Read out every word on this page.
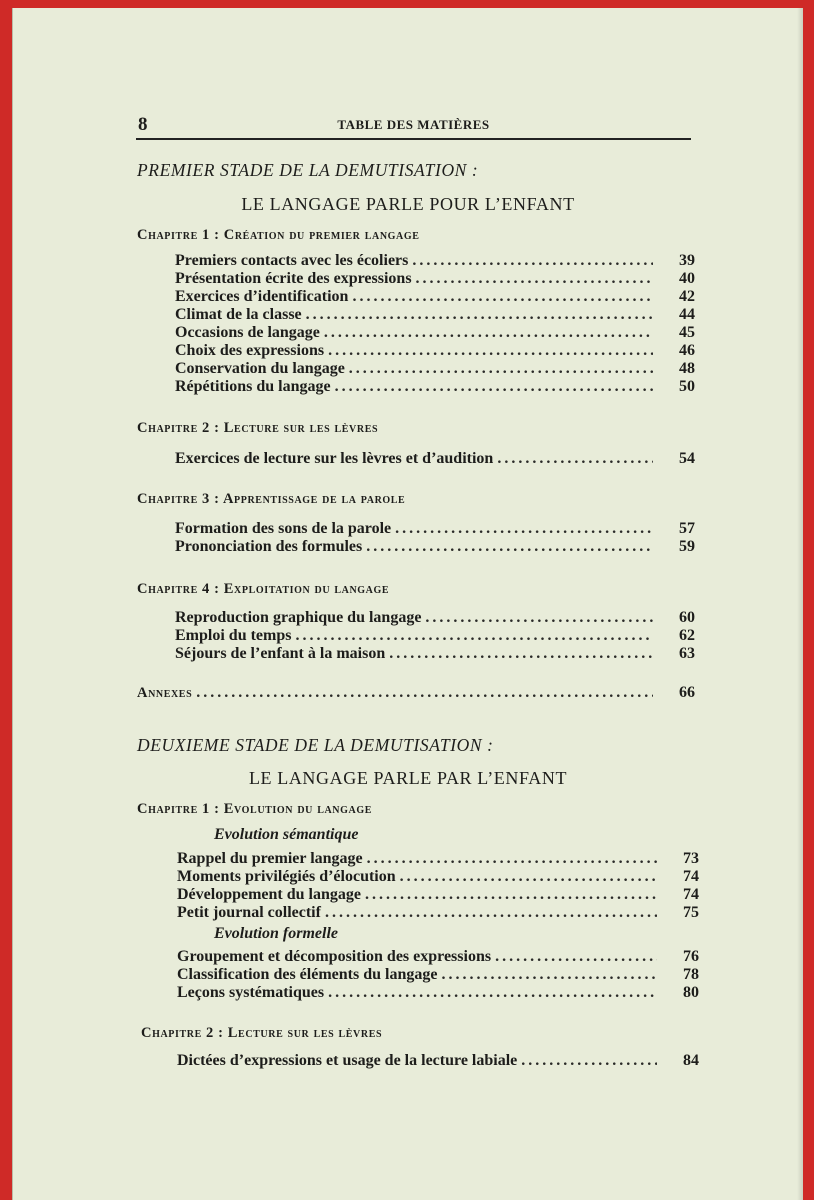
8	TABLE DES MATIÈRES
PREMIER STADE DE LA DEMUTISATION :
LE LANGAGE PARLE POUR L’ENFANT
Chapitre 1 : Création du premier langage
Premiers contacts avec les écoliers .....	39
Présentation écrite des expressions .....	40
Exercices d’identification .....	42
Climat de la classe .....	44
Occasions de langage .....	45
Choix des expressions .....	46
Conservation du langage .....	48
Répétitions du langage .....	50
Chapitre 2 : Lecture sur les lèvres
Exercices de lecture sur les lèvres et d’audition .....	54
Chapitre 3 : Apprentissage de la parole
Formation des sons de la parole .....	57
Prononciation des formules .....	59
Chapitre 4 : Exploitation du langage
Reproduction graphique du langage .....	60
Emploi du temps .....	62
Séjours de l’enfant à la maison .....	63
Annexes .....	66
DEUXIEME STADE DE LA DEMUTISATION :
LE LANGAGE PARLE PAR L’ENFANT
Chapitre 1 : Evolution du langage
Evolution sémantique
Rappel du premier langage .....	73
Moments privilégiés d’élocution .....	74
Développement du langage .....	74
Petit journal collectif .....	75
Evolution formelle
Groupement et décomposition des expressions .....	76
Classification des éléments du langage .....	78
Leçons systématiques .....	80
Chapitre 2 : Lecture sur les lèvres
Dictées d’expressions et usage de la lecture labiale .....	84
